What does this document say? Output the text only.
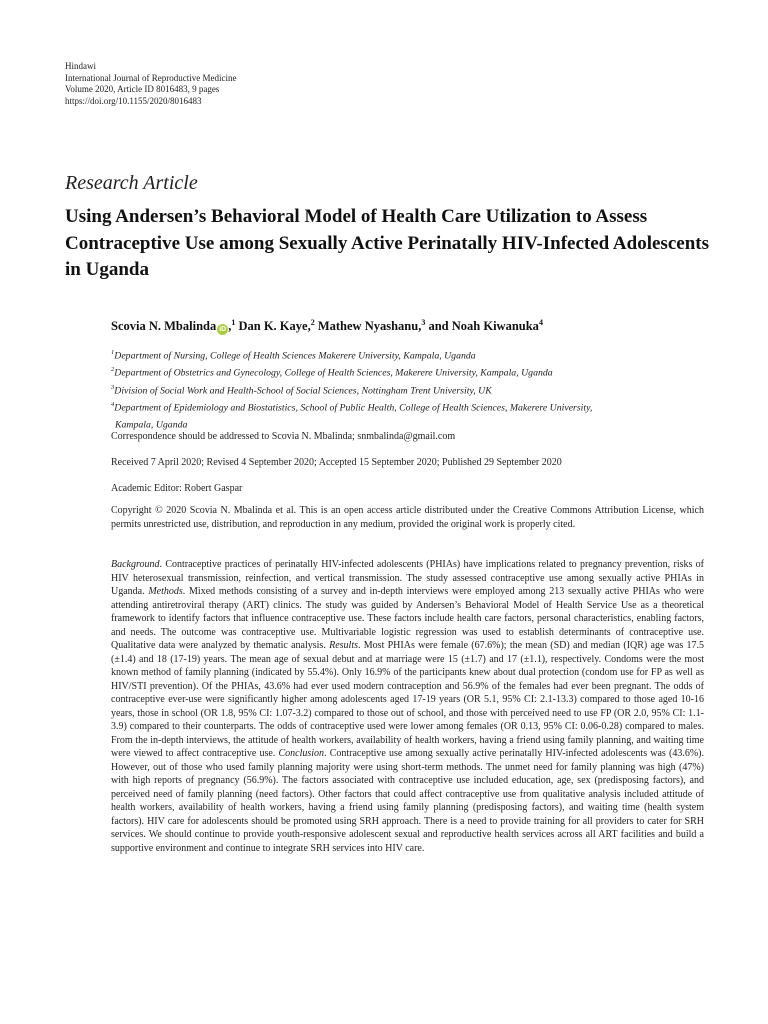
Hindawi
International Journal of Reproductive Medicine
Volume 2020, Article ID 8016483, 9 pages
https://doi.org/10.1155/2020/8016483
Research Article
Using Andersen’s Behavioral Model of Health Care Utilization to Assess Contraceptive Use among Sexually Active Perinatally HIV-Infected Adolescents in Uganda
Scovia N. Mbalinda iD ,$^1$ Dan K. Kaye,$^2$ Mathew Nyashanu,$^3$ and Noah Kiwanuka$^4$
$^1$Department of Nursing, College of Health Sciences Makerere University, Kampala, Uganda
$^2$Department of Obstetrics and Gynecology, College of Health Sciences, Makerere University, Kampala, Uganda
$^3$Division of Social Work and Health-School of Social Sciences, Nottingham Trent University, UK
$^4$Department of Epidemiology and Biostatistics, School of Public Health, College of Health Sciences, Makerere University,
Kampala, Uganda
Correspondence should be addressed to Scovia N. Mbalinda; snmbalinda@gmail.com
Received 7 April 2020; Revised 4 September 2020; Accepted 15 September 2020; Published 29 September 2020
Academic Editor: Robert Gaspar
Copyright © 2020 Scovia N. Mbalinda et al. This is an open access article distributed under the Creative Commons Attribution License, which permits unrestricted use, distribution, and reproduction in any medium, provided the original work is properly cited.
Background. Contraceptive practices of perinatally HIV-infected adolescents (PHIAs) have implications related to pregnancy prevention, risks of HIV heterosexual transmission, reinfection, and vertical transmission. The study assessed contraceptive use among sexually active PHIAs in Uganda. Methods. Mixed methods consisting of a survey and in-depth interviews were employed among 213 sexually active PHIAs who were attending antiretroviral therapy (ART) clinics. The study was guided by Andersen’s Behavioral Model of Health Service Use as a theoretical framework to identify factors that influence contraceptive use. These factors include health care factors, personal characteristics, enabling factors, and needs. The outcome was contraceptive use. Multivariable logistic regression was used to establish determinants of contraceptive use. Qualitative data were analyzed by thematic analysis. Results. Most PHIAs were female (67.6%); the mean (SD) and median (IQR) age was 17.5 (±1.4) and 18 (17-19) years. The mean age of sexual debut and at marriage were 15 (±1.7) and 17 (±1.1), respectively. Condoms were the most known method of family planning (indicated by 55.4%). Only 16.9% of the participants knew about dual protection (condom use for FP as well as HIV/STI prevention). Of the PHIAs, 43.6% had ever used modern contraception and 56.9% of the females had ever been pregnant. The odds of contraceptive ever-use were significantly higher among adolescents aged 17-19 years (OR 5.1, 95% CI: 2.1-13.3) compared to those aged 10-16 years, those in school (OR 1.8, 95% CI: 1.07-3.2) compared to those out of school, and those with perceived need to use FP (OR 2.0, 95% CI: 1.1-3.9) compared to their counterparts. The odds of contraceptive used were lower among females (OR 0.13, 95% CI: 0.06-0.28) compared to males. From the in-depth interviews, the attitude of health workers, availability of health workers, having a friend using family planning, and waiting time were viewed to affect contraceptive use. Conclusion. Contraceptive use among sexually active perinatally HIV-infected adolescents was (43.6%). However, out of those who used family planning majority were using short-term methods. The unmet need for family planning was high (47%) with high reports of pregnancy (56.9%). The factors associated with contraceptive use included education, age, sex (predisposing factors), and perceived need of family planning (need factors). Other factors that could affect contraceptive use from qualitative analysis included attitude of health workers, availability of health workers, having a friend using family planning (predisposing factors), and waiting time (health system factors). HIV care for adolescents should be promoted using SRH approach. There is a need to provide training for all providers to cater for SRH services. We should continue to provide youth-responsive adolescent sexual and reproductive health services across all ART facilities and build a supportive environment and continue to integrate SRH services into HIV care.
